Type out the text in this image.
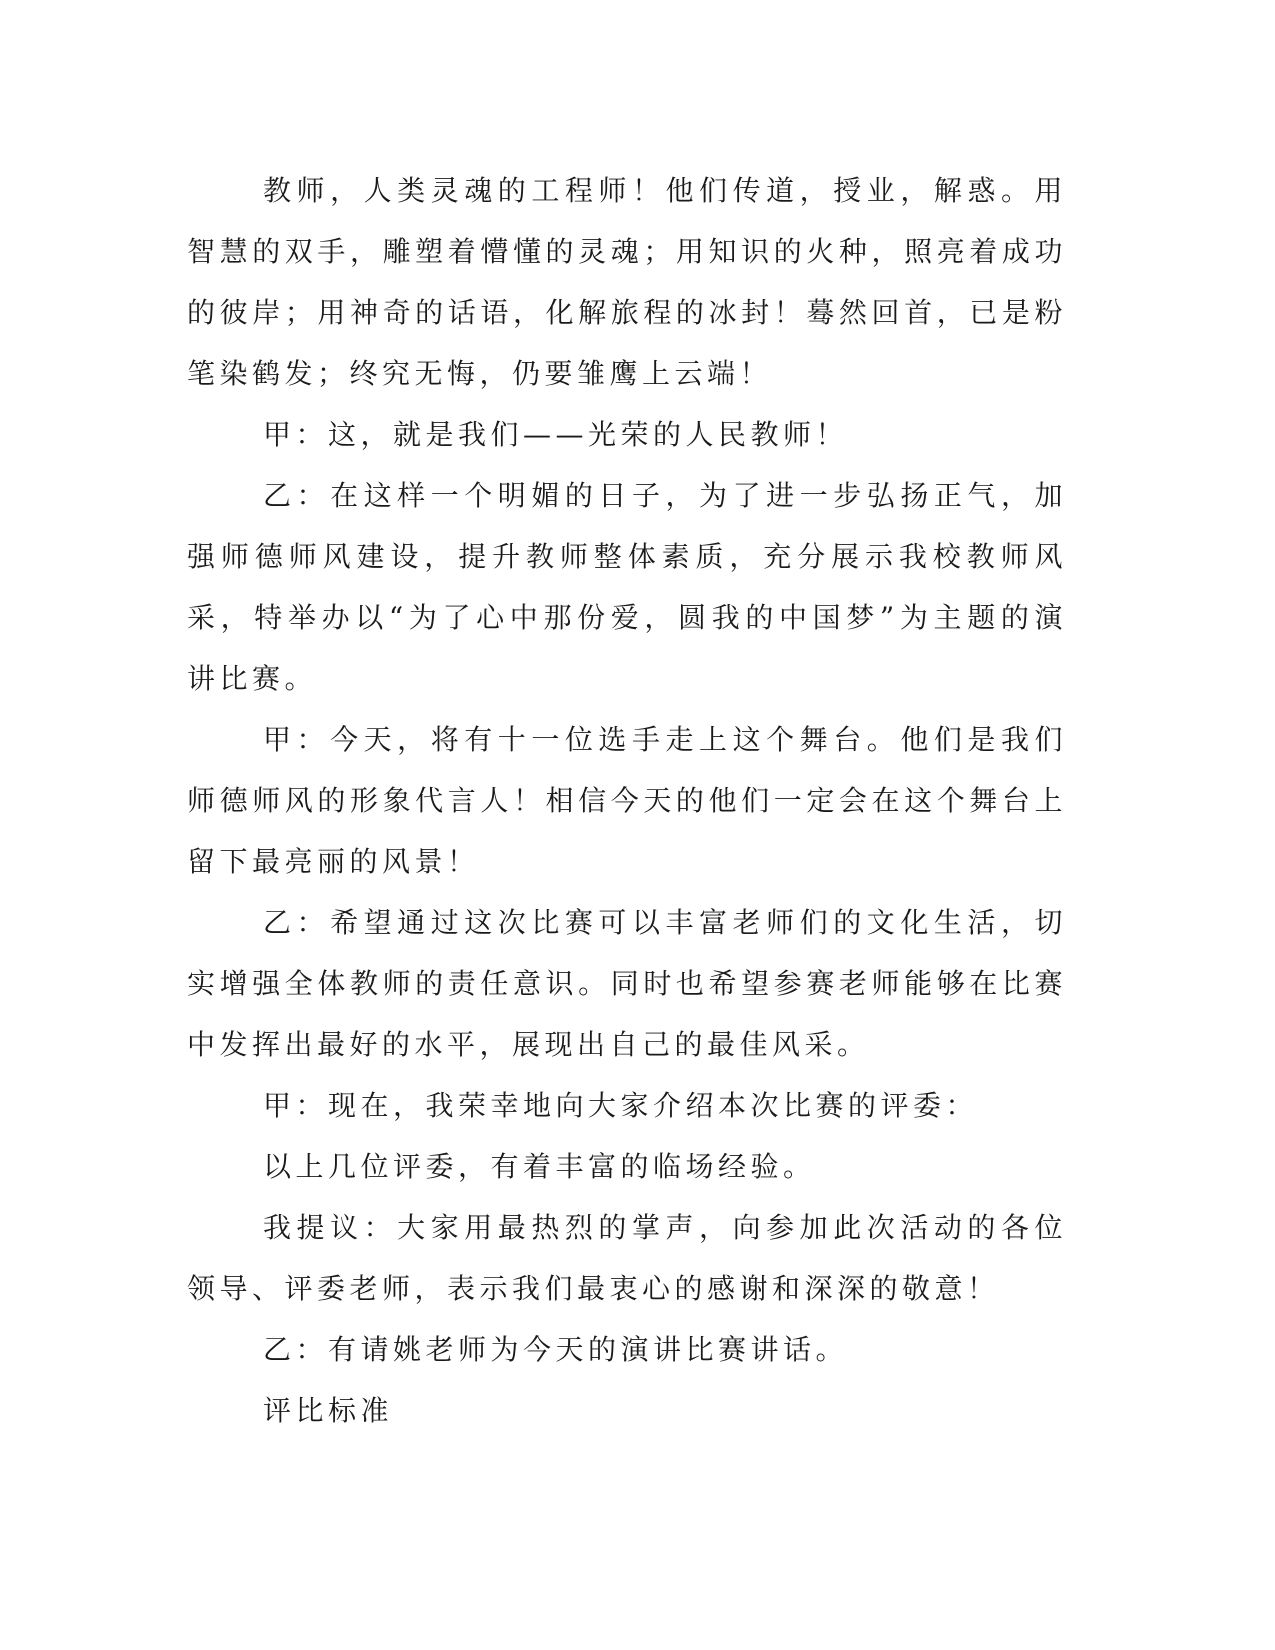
教师，人类灵魂的工程师！他们传道，授业，解惑。用智慧的双手，雕塑着懵懂的灵魂；用知识的火种，照亮着成功的彼岸；用神奇的话语，化解旅程的冰封！蓦然回首，已是粉笔染鹤发；终究无悔，仍要雏鹰上云端！

甲：这，就是我们——光荣的人民教师！

乙：在这样一个明媚的日子，为了进一步弘扬正气，加强师德师风建设，提升教师整体素质，充分展示我校教师风采，特举办以“为了心中那份爱，圆我的中国梦”为主题的演讲比赛。

甲：今天，将有十一位选手走上这个舞台。他们是我们师德师风的形象代言人！相信今天的他们一定会在这个舞台上留下最亮丽的风景！

乙：希望通过这次比赛可以丰富老师们的文化生活，切实增强全体教师的责任意识。同时也希望参赛老师能够在比赛中发挥出最好的水平，展现出自己的最佳风采。

甲：现在，我荣幸地向大家介绍本次比赛的评委：

以上几位评委，有着丰富的临场经验。

我提议：大家用最热烈的掌声，向参加此次活动的各位领导、评委老师，表示我们最衷心的感谢和深深的敬意！

乙：有请姚老师为今天的演讲比赛讲话。

评比标准
